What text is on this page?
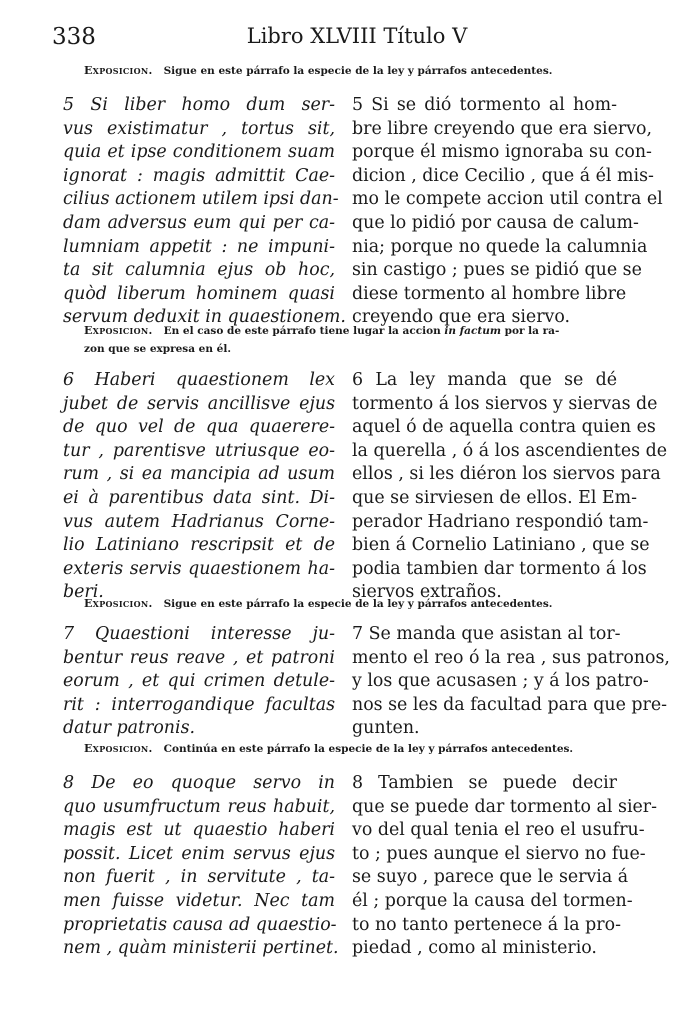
338	Libro XLVIII Título V
Exposicion. Sigue en este párrafo la especie de la ley y párrafos antecedentes.
5 Si liber homo dum ser-
vus existimatur , tortus sit,
quia et ipse conditionem suam
ignorat : magis admittit Cae-
cilius actionem utilem ipsi dan-
dam adversus eum qui per ca-
lumniam appetit : ne impuni-
ta sit calumnia ejus ob hoc,
quòd liberum hominem quasi
servum deduxit in quaestionem.
5 Si se dió tormento al hom-
bre libre creyendo que era siervo,
porque él mismo ignoraba su con-
dicion , dice Cecilio , que á él mis-
mo le compete accion util contra el
que lo pidió por causa de calum-
nia; porque no quede la calumnia
sin castigo ; pues se pidió que se
diese tormento al hombre libre
creyendo que era siervo.
Exposicion. En el caso de este párrafo tiene lugar la accion in factum por la ra-
zon que se expresa en él.
6 Haberi quaestionem lex
jubet de servis ancillisve ejus
de quo vel de qua quaerere-
tur , parentisve utriusque eo-
rum , si ea mancipia ad usum
ei à parentibus data sint. Di-
vus autem Hadrianus Corne-
lio Latiniano rescripsit et de
exteris servis quaestionem ha-
beri.
6 La ley manda que se dé
tormento á los siervos y siervas de
aquel ó de aquella contra quien es
la querella , ó á los ascendientes de
ellos , si les diéron los siervos para
que se sirviesen de ellos. El Em-
perador Hadriano respondió tam-
bien á Cornelio Latiniano , que se
podia tambien dar tormento á los
siervos extraños.
Exposicion. Sigue en este párrafo la especie de la ley y párrafos antecedentes.
7 Quaestioni interesse ju-
bentur reus reave , et patroni
eorum , et qui crimen detule-
rit : interrogandique facultas
datur patronis.
7 Se manda que asistan al tor-
mento el reo ó la rea , sus patronos,
y los que acusasen ; y á los patro-
nos se les da facultad para que pre-
gunten.
Exposicion. Continúa en este párrafo la especie de la ley y párrafos antecedentes.
8 De eo quoque servo in
quo usumfructum reus habuit,
magis est ut quaestio haberi
possit. Licet enim servus ejus
non fuerit , in servitute , ta-
men fuisse videtur. Nec tam
proprietatis causa ad quaestio-
nem , quàm ministerii pertinet.
8 Tambien se puede decir
que se puede dar tormento al sier-
vo del qual tenia el reo el usufru-
to ; pues aunque el siervo no fue-
se suyo , parece que le servia á
él ; porque la causa del tormen-
to no tanto pertenece á la pro-
piedad , como al ministerio.
